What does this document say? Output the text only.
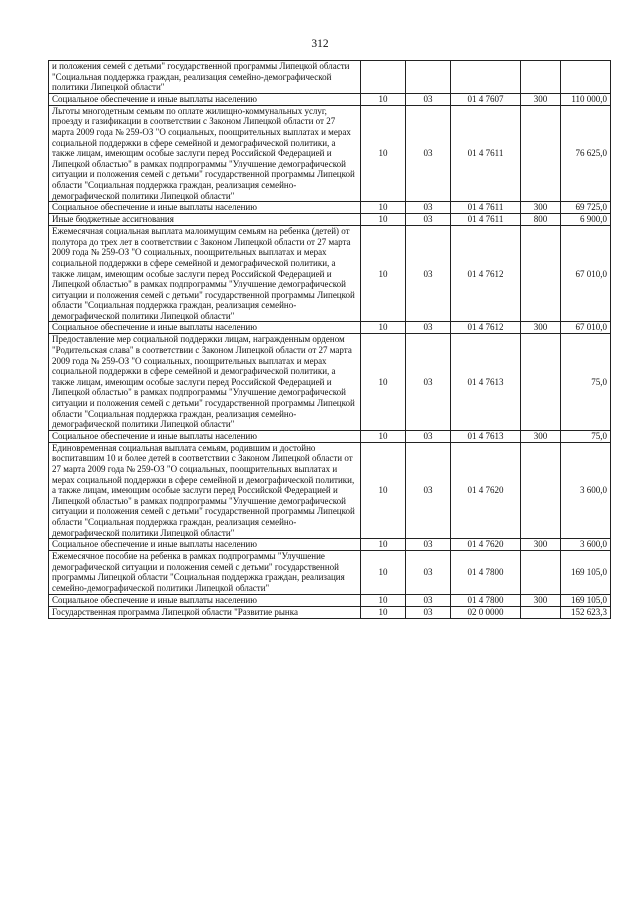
312
и положения семей с детьми" государственной программы Липецкой области "Социальная поддержка граждан, реализация семейно-демографической политики Липецкой области"					
Социальное обеспечение и иные выплаты населению	10	03	01 4 7607	300	110 000,0
Льготы многодетным семьям по оплате жилищно-коммунальных услуг, проезду и газификации в соответствии с Законом Липецкой области от 27 марта 2009 года № 259-ОЗ "О социальных, поощрительных выплатах и мерах социальной поддержки в сфере семейной и демографической политики, а также лицам, имеющим особые заслуги перед Российской Федерацией и Липецкой областью" в рамках подпрограммы "Улучшение демографической ситуации и положения семей с детьми" государственной программы Липецкой области "Социальная поддержка граждан, реализация семейно-демографической политики Липецкой области"	10	03	01 4 7611		76 625,0
Социальное обеспечение и иные выплаты населению	10	03	01 4 7611	300	69 725,0
Иные бюджетные ассигнования	10	03	01 4 7611	800	6 900,0
Ежемесячная социальная выплата малоимущим семьям на ребенка (детей) от полутора до трех лет в соответствии с Законом Липецкой области от 27 марта 2009 года № 259-ОЗ "О социальных, поощрительных выплатах и мерах социальной поддержки в сфере семейной и демографической политики, а также лицам, имеющим особые заслуги перед Российской Федерацией и Липецкой областью" в рамках подпрограммы "Улучшение демографической ситуации и положения семей с детьми" государственной программы Липецкой области "Социальная поддержка граждан, реализация семейно-демографической политики Липецкой области"	10	03	01 4 7612		67 010,0
Социальное обеспечение и иные выплаты населению	10	03	01 4 7612	300	67 010,0
Предоставление мер социальной поддержки лицам, награжденным орденом "Родительская слава" в соответствии с Законом Липецкой области от 27 марта 2009 года № 259-ОЗ "О социальных, поощрительных выплатах и мерах социальной поддержки в сфере семейной и демографической политики, а также лицам, имеющим особые заслуги перед Российской Федерацией и Липецкой областью" в рамках подпрограммы "Улучшение демографической ситуации и положения семей с детьми" государственной программы Липецкой области "Социальная поддержка граждан, реализация семейно-демографической политики Липецкой области"	10	03	01 4 7613		75,0
Социальное обеспечение и иные выплаты населению	10	03	01 4 7613	300	75,0
Единовременная социальная выплата семьям, родившим и достойно воспитавшим 10 и более детей в соответствии с Законом Липецкой области от 27 марта 2009 года № 259-ОЗ "О социальных, поощрительных выплатах и мерах социальной поддержки в сфере семейной и демографической политики, а также лицам, имеющим особые заслуги перед Российской Федерацией и Липецкой областью" в рамках подпрограммы "Улучшение демографической ситуации и положения семей с детьми" государственной программы Липецкой области "Социальная поддержка граждан, реализация семейно-демографической политики Липецкой области"	10	03	01 4 7620		3 600,0
Социальное обеспечение и иные выплаты населению	10	03	01 4 7620	300	3 600,0
Ежемесячное пособие на ребенка в рамках подпрограммы "Улучшение демографической ситуации и положения семей с детьми" государственной программы Липецкой области "Социальная поддержка граждан, реализация семейно-демографической политики Липецкой области"	10	03	01 4 7800		169 105,0
Социальное обеспечение и иные выплаты населению	10	03	01 4 7800	300	169 105,0
Государственная программа Липецкой области "Развитие рынка	10	03	02 0 0000		152 623,3
